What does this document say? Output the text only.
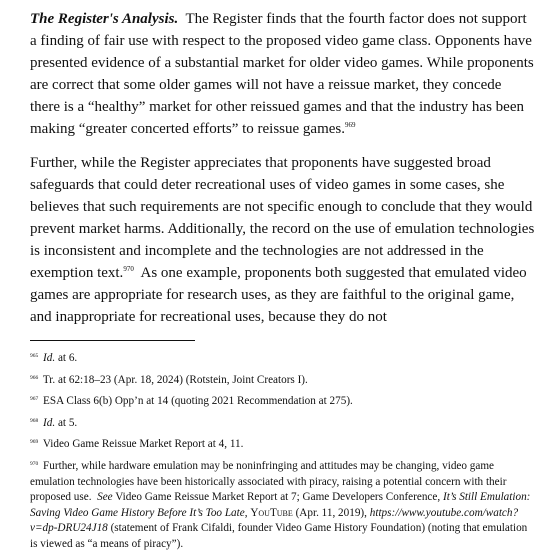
The Register's Analysis. The Register finds that the fourth factor does not support a finding of fair use with respect to the proposed video game class. Opponents have presented evidence of a substantial market for older video games. While proponents are correct that some older games will not have a reissue market, they concede there is a “healthy” market for other reissued games and that the industry has been making “greater concerted efforts” to reissue games.$^{969}$

Further, while the Register appreciates that proponents have suggested broad safeguards that could deter recreational uses of video games in some cases, she believes that such requirements are not specific enough to conclude that they would prevent market harms. Additionally, the record on the use of emulation technologies is inconsistent and incomplete and the technologies are not addressed in the exemption text.$^{970}$ As one example, proponents both suggested that emulated video games are appropriate for research uses, as they are faithful to the original game, and inappropriate for recreational uses, because they do not

$^{965}$ Id. at 6.

$^{966}$ Tr. at 62:18–23 (Apr. 18, 2024) (Rotstein, Joint Creators I).

$^{967}$ ESA Class 6(b) Opp’n at 14 (quoting 2021 Recommendation at 275).

$^{968}$ Id. at 5.

$^{969}$ Video Game Reissue Market Report at 4, 11.

$^{970}$ Further, while hardware emulation may be noninfringing and attitudes may be changing, video game emulation technologies have been historically associated with piracy, raising a potential concern with their proposed use. See Video Game Reissue Market Report at 7; Game Developers Conference, It’s Still Emulation: Saving Video Game History Before It’s Too Late, YouTube (Apr. 11, 2019), https://www.youtube.com/watch?v=dp-DRU24J18 (statement of Frank Cifaldi, founder Video Game History Foundation) (noting that emulation is viewed as “a means of piracy”).
